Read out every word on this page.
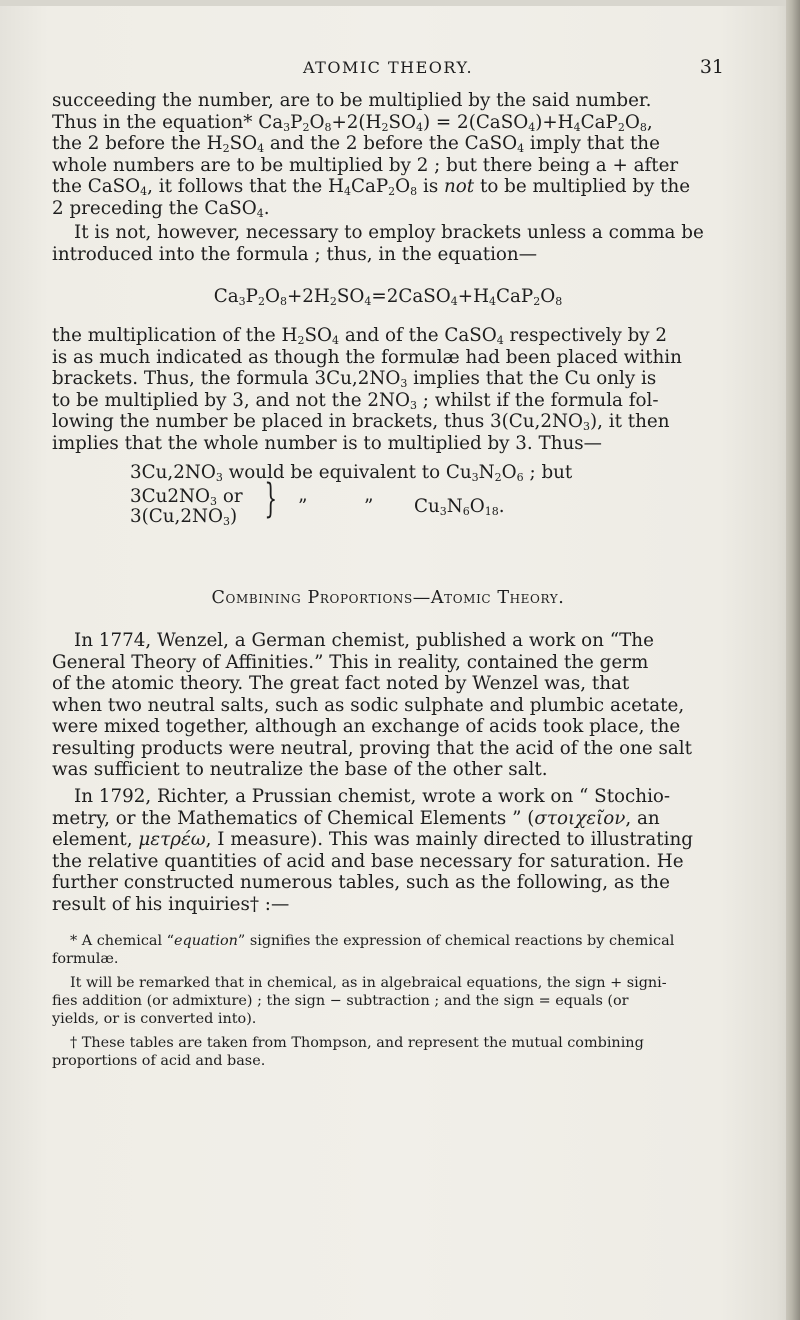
ATOMIC THEORY.	31

succeeding the number, are to be multiplied by the said number.

Thus in the equation* $Ca_3P_2O_8+2(H_2SO_4)$ = $2(CaSO_4)+H_4CaP_2O_8$,

the 2 before the $H_2SO_4$ and the 2 before the CaSO$_4$ imply that the

whole numbers are to be multiplied by 2 ; but there being a + after

the CaSO$_4$, it follows that the $H_4CaP_2O_8$ is not to be multiplied by the

2 preceding the CaSO$_4$.

It is not, however, necessary to employ brackets unless a comma be

introduced into the formula ; thus, in the equation—

$Ca_3P_2O_8+2H_2SO_4=2CaSO_4+H_4CaP_2O_8$

the multiplication of the $H_2SO_4$ and of the CaSO$_4$ respectively by 2

is as much indicated as though the formulæ had been placed within

brackets. Thus, the formula $3Cu,2NO_3$ implies that the Cu only is

to be multiplied by 3, and not the $2NO_3$ ; whilst if the formula fol-

lowing the number be placed in brackets, thus $3(Cu,2NO_3)$, it then

implies that the whole number is to multiplied by 3. Thus—

$3Cu,2NO_3$ would be equivalent to $Cu_3N_2O_6$ ; but
$3Cu2NO_3$ or
$3(Cu,2NO_3)$ } ”	” $Cu_3N_6O_{18}$.

Combining Proportions—Atomic Theory.

In 1774, Wenzel, a German chemist, published a work on “The

General Theory of Affinities.” This in reality, contained the germ

of the atomic theory. The great fact noted by Wenzel was, that

when two neutral salts, such as sodic sulphate and plumbic acetate,

were mixed together, although an exchange of acids took place, the

resulting products were neutral, proving that the acid of the one salt

was sufficient to neutralize the base of the other salt.

In 1792, Richter, a Prussian chemist, wrote a work on “ Stochio-

metry, or the Mathematics of Chemical Elements ” (στοιχεῖον, an

element, μετρέω, I measure). This was mainly directed to illustrating

the relative quantities of acid and base necessary for saturation. He

further constructed numerous tables, such as the following, as the

result of his inquiries† :—

* A chemical “equation” signifies the expression of chemical reactions by chemical

formulæ.

It will be remarked that in chemical, as in algebraical equations, the sign + signi-

fies addition (or admixture) ; the sign − subtraction ; and the sign = equals (or

yields, or is converted into).

† These tables are taken from Thompson, and represent the mutual combining

proportions of acid and base.
